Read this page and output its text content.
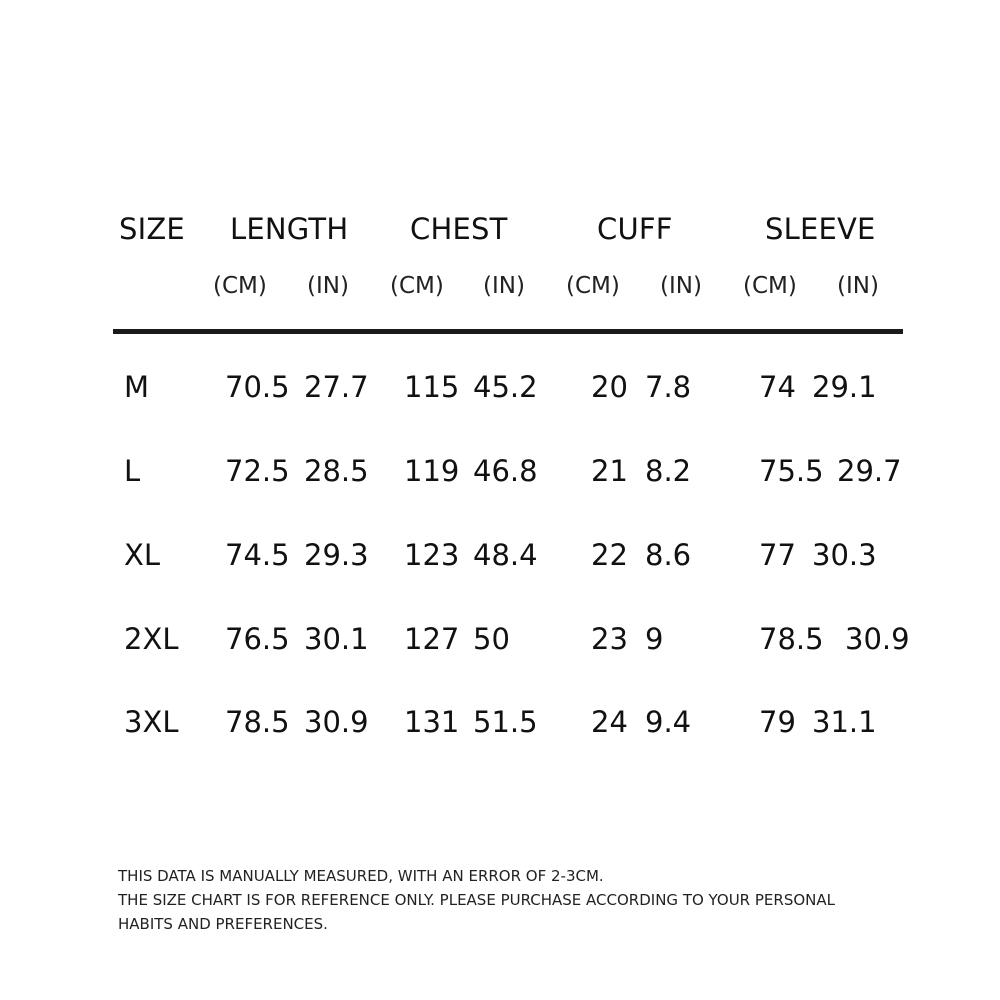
SIZE LENGTH CHEST	CUFF	SLEEVE
(CM) (IN) (CM) (IN) (CM) (IN) (CM) (IN)
M	70.5 27.7 115 45.2 20 7.8 74 29.1
L	72.5 28.5 119 46.8 21 8.2 75.5 29.7
XL 74.5 29.3 123 48.4 22 8.6 77 30.3
2XL 76.5 30.1 127 50	23 9	78.5 30.9
3XL 78.5 30.9 131 51.5 24 9.4 79 31.1
THIS DATA IS MANUALLY MEASURED, WITH AN ERROR OF 2-3CM.
THE SIZE CHART IS FOR REFERENCE ONLY. PLEASE PURCHASE ACCORDING TO YOUR PERSONAL
HABITS AND PREFERENCES.
